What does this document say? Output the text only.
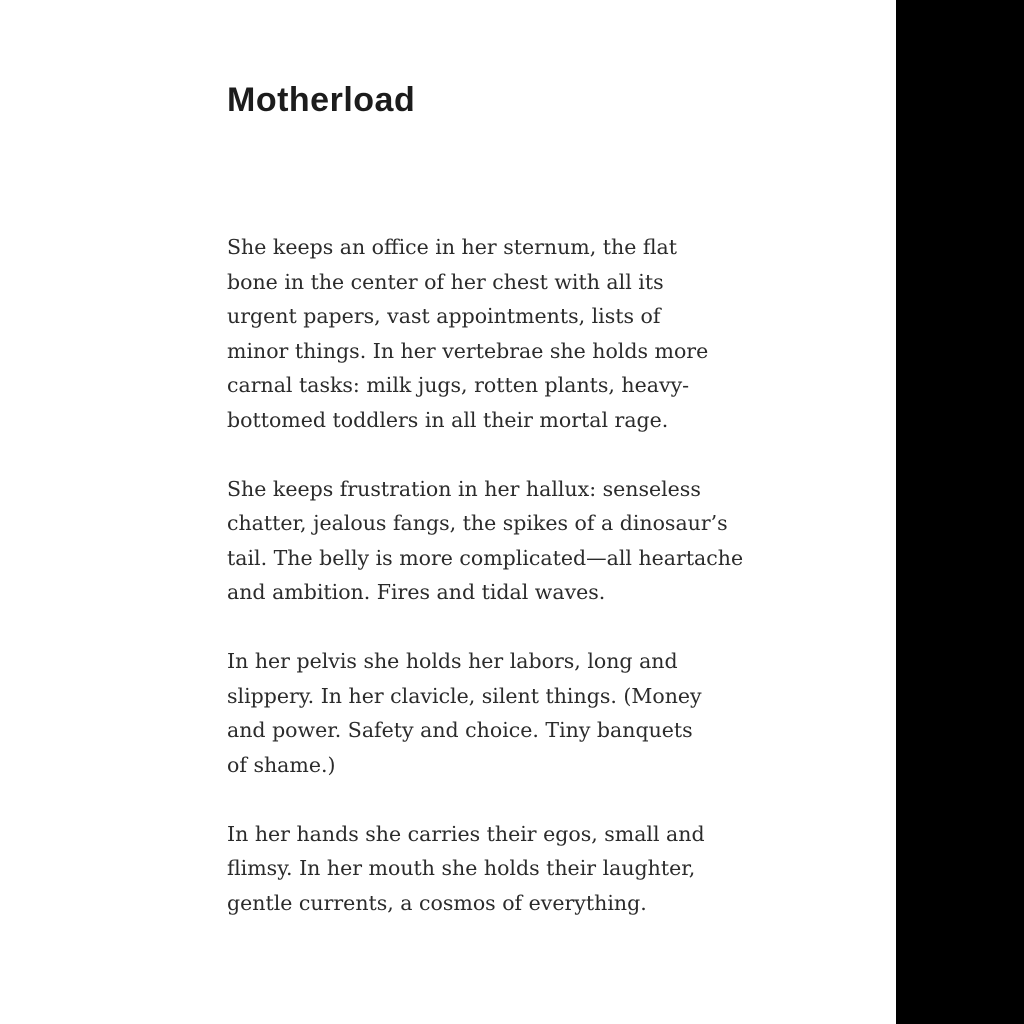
Motherload
She keeps an office in her sternum, the flat
bone in the center of her chest with all its
urgent papers, vast appointments, lists of
minor things. In her vertebrae she holds more
carnal tasks: milk jugs, rotten plants, heavy-
bottomed toddlers in all their mortal rage.
She keeps frustration in her hallux: senseless
chatter, jealous fangs, the spikes of a dinosaur’s
tail. The belly is more complicated—all heartache
and ambition. Fires and tidal waves.
In her pelvis she holds her labors, long and
slippery. In her clavicle, silent things. (Money
and power. Safety and choice. Tiny banquets
of shame.)
In her hands she carries their egos, small and
flimsy. In her mouth she holds their laughter,
gentle currents, a cosmos of everything.
